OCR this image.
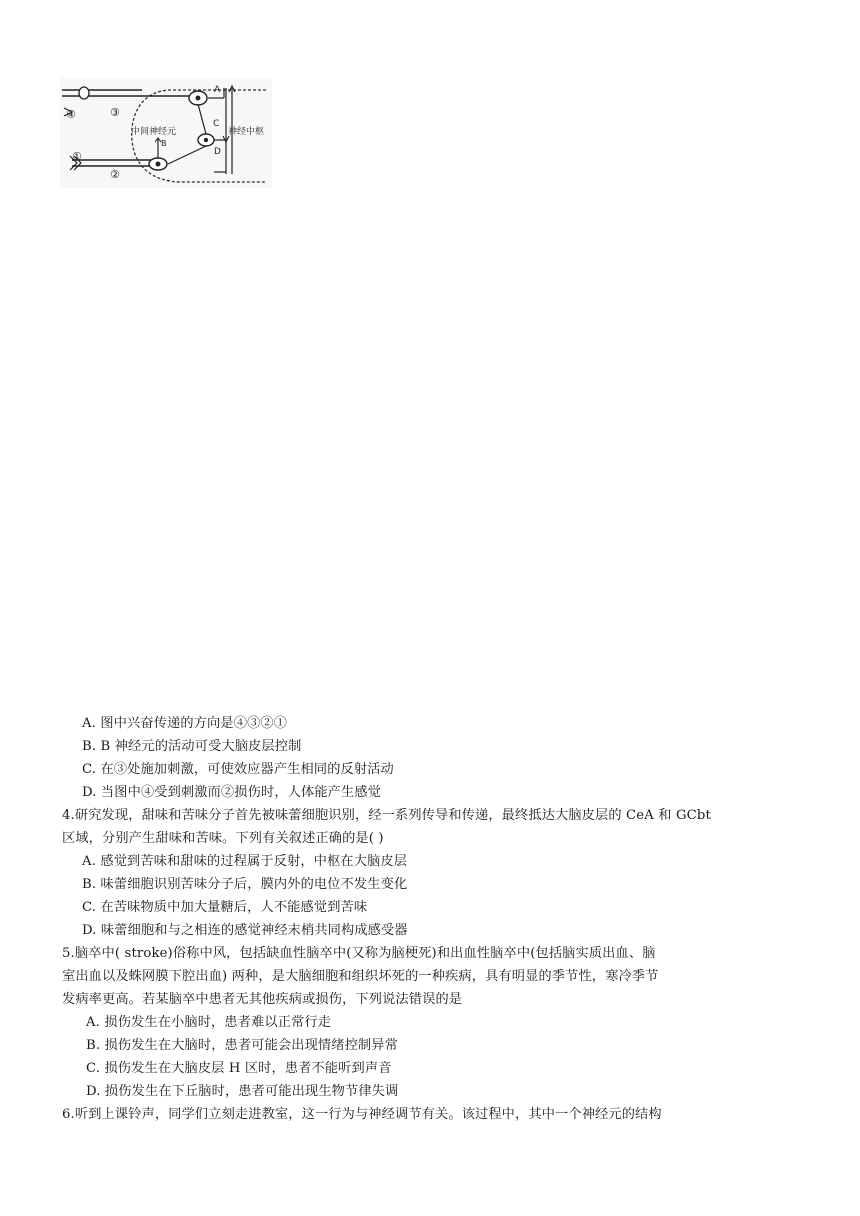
④	③
①
②
A
C
B
D
中间神经元	神经中枢
A. 图中兴奋传递的方向是④③②①
B. B 神经元的活动可受大脑皮层控制
C. 在③处施加刺激，可使效应器产生相同的反射活动
D. 当图中④受到刺激而②损伤时，人体能产生感觉
4.研究发现，甜味和苦味分子首先被味蕾细胞识别，经一系列传导和传递，最终抵达大脑皮层的 CeA 和 GCbt
区域，分别产生甜味和苦味。下列有关叙述正确的是( )
A. 感觉到苦味和甜味的过程属于反射，中枢在大脑皮层
B. 味蕾细胞识别苦味分子后，膜内外的电位不发生变化
C. 在苦味物质中加大量糖后，人不能感觉到苦味
D. 味蕾细胞和与之相连的感觉神经末梢共同构成感受器
5.脑卒中( stroke)俗称中风，包括缺血性脑卒中(又称为脑梗死)和出血性脑卒中(包括脑实质出血、脑
室出血以及蛛网膜下腔出血) 两种，是大脑细胞和组织坏死的一种疾病，具有明显的季节性，寒冷季节
发病率更高。若某脑卒中患者无其他疾病或损伤，下列说法错误的是
A. 损伤发生在小脑时，患者难以正常行走
B. 损伤发生在大脑时，患者可能会出现情绪控制异常
C. 损伤发生在大脑皮层 H 区时，患者不能听到声音
D. 损伤发生在下丘脑时，患者可能出现生物节律失调
6.听到上课铃声，同学们立刻走进教室，这一行为与神经调节有关。该过程中，其中一个神经元的结构
